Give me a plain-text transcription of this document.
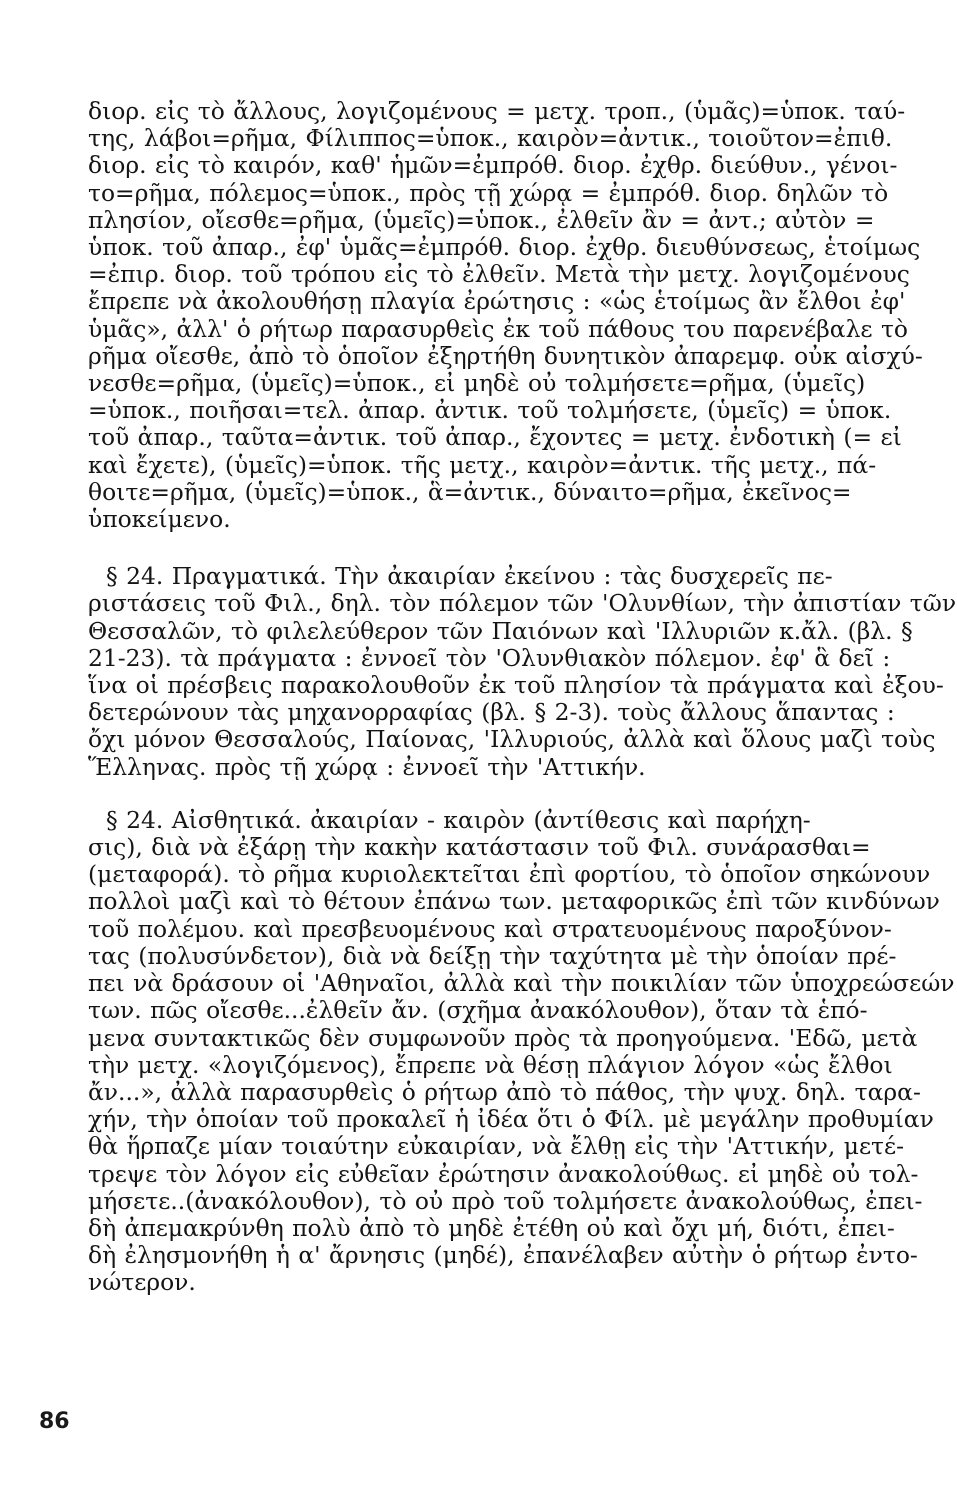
διορ. εἰς τὸ ἄλλους, λογιζομένους = μετχ. τροπ., (ὑμᾶς)=ὑποκ. ταύ-
της, λάβοι=ρῆμα, Φίλιππος=ὑποκ., καιρὸν=ἀντικ., τοιοῦτον=ἐπιθ.
διορ. εἰς τὸ καιρόν, καθ' ἡμῶν=ἐμπρόθ. διορ. ἐχθρ. διεύθυν., γένοι-
το=ρῆμα, πόλεμος=ὑποκ., πρὸς τῇ χώρᾳ = ἐμπρόθ. διορ. δηλῶν τὸ
πλησίον, οἴεσθε=ρῆμα, (ὑμεῖς)=ὑποκ., ἐλθεῖν ἂν = ἀντ.; αὐτὸν =
ὑποκ. τοῦ ἀπαρ., ἐφ' ὑμᾶς=ἐμπρόθ. διορ. ἐχθρ. διευθύνσεως, ἑτοίμως
=ἐπιρ. διορ. τοῦ τρόπου εἰς τὸ ἐλθεῖν. Μετὰ τὴν μετχ. λογιζομένους
ἔπρεπε νὰ ἀκολουθήσῃ πλαγία ἐρώτησις : «ὡς ἑτοίμως ἂν ἔλθοι ἐφ'
ὑμᾶς», ἀλλ' ὁ ρήτωρ παρασυρθεὶς ἐκ τοῦ πάθους του παρενέβαλε τὸ
ρῆμα οἴεσθε, ἀπὸ τὸ ὁποῖον ἐξηρτήθη δυνητικὸν ἀπαρεμφ. οὐκ αἰσχύ-
νεσθε=ρῆμα, (ὑμεῖς)=ὑποκ., εἰ μηδὲ οὐ τολμήσετε=ρῆμα, (ὑμεῖς)
=ὑποκ., ποιῆσαι=τελ. ἀπαρ. ἀντικ. τοῦ τολμήσετε, (ὑμεῖς) = ὑποκ.
τοῦ ἀπαρ., ταῦτα=ἀντικ. τοῦ ἀπαρ., ἔχοντες = μετχ. ἐνδοτικὴ (= εἰ
καὶ ἔχετε), (ὑμεῖς)=ὑποκ. τῆς μετχ., καιρὸν=ἀντικ. τῆς μετχ., πά-
θοιτε=ρῆμα, (ὑμεῖς)=ὑποκ., ἃ=ἀντικ., δύναιτο=ρῆμα, ἐκεῖνος=
ὑποκείμενο.
§ 24. Πραγματικά. Τὴν ἀκαιρίαν ἐκείνου : τὰς δυσχερεῖς πε-
ριστάσεις τοῦ Φιλ., δηλ. τὸν πόλεμον τῶν 'Ολυνθίων, τὴν ἀπιστίαν τῶν
Θεσσαλῶν, τὸ φιλελεύθερον τῶν Παιόνων καὶ 'Ιλλυριῶν κ.ἄλ. (βλ. §
21-23). τὰ πράγματα : ἐννοεῖ τὸν 'Ολυνθιακὸν πόλεμον. ἐφ' ἃ δεῖ :
ἵνα οἱ πρέσβεις παρακολουθοῦν ἐκ τοῦ πλησίον τὰ πράγματα καὶ ἐξου-
δετερώνουν τὰς μηχανορραφίας (βλ. § 2-3). τοὺς ἄλλους ἅπαντας :
ὄχι μόνον Θεσσαλούς, Παίονας, 'Ιλλυριούς, ἀλλὰ καὶ ὅλους μαζὶ τοὺς
Ἕλληνας. πρὸς τῇ χώρᾳ : ἐννοεῖ τὴν 'Αττικήν.
§ 24. Αἰσθητικά. ἀκαιρίαν - καιρὸν (ἀντίθεσις καὶ παρήχη-
σις), διὰ νὰ ἐξάρῃ τὴν κακὴν κατάστασιν τοῦ Φιλ. συνάρασθαι=
(μεταφορά). τὸ ρῆμα κυριολεκτεῖται ἐπὶ φορτίου, τὸ ὁποῖον σηκώνουν
πολλοὶ μαζὶ καὶ τὸ θέτουν ἐπάνω των. μεταφορικῶς ἐπὶ τῶν κινδύνων
τοῦ πολέμου. καὶ πρεσβευομένους καὶ στρατευομένους παροξύνον-
τας (πολυσύνδετον), διὰ νὰ δείξῃ τὴν ταχύτητα μὲ τὴν ὁποίαν πρέ-
πει νὰ δράσουν οἱ 'Αθηναῖοι, ἀλλὰ καὶ τὴν ποικιλίαν τῶν ὑποχρεώσεών
των. πῶς οἴεσθε...ἐλθεῖν ἄν. (σχῆμα ἀνακόλουθον), ὅταν τὰ ἑπό-
μενα συντακτικῶς δὲν συμφωνοῦν πρὸς τὰ προηγούμενα. 'Εδῶ, μετὰ
τὴν μετχ. «λογιζόμενος), ἔπρεπε νὰ θέσῃ πλάγιον λόγον «ὡς ἔλθοι
ἄν...», ἀλλὰ παρασυρθεὶς ὁ ρήτωρ ἀπὸ τὸ πάθος, τὴν ψυχ. δηλ. ταρα-
χήν, τὴν ὁποίαν τοῦ προκαλεῖ ἡ ἰδέα ὅτι ὁ Φίλ. μὲ μεγάλην προθυμίαν
θὰ ἥρπαζε μίαν τοιαύτην εὐκαιρίαν, νὰ ἔλθῃ εἰς τὴν 'Αττικήν, μετέ-
τρεψε τὸν λόγον εἰς εὐθεῖαν ἐρώτησιν ἀνακολούθως. εἰ μηδὲ οὐ τολ-
μήσετε..(ἀνακόλουθον), τὸ οὐ πρὸ τοῦ τολμήσετε ἀνακολούθως, ἐπει-
δὴ ἀπεμακρύνθη πολὺ ἀπὸ τὸ μηδὲ ἐτέθη οὐ καὶ ὄχι μή, διότι, ἐπει-
δὴ ἐλησμονήθη ἡ α' ἄρνησις (μηδέ), ἐπανέλαβεν αὐτὴν ὁ ρήτωρ ἐντο-
νώτερον.
86
